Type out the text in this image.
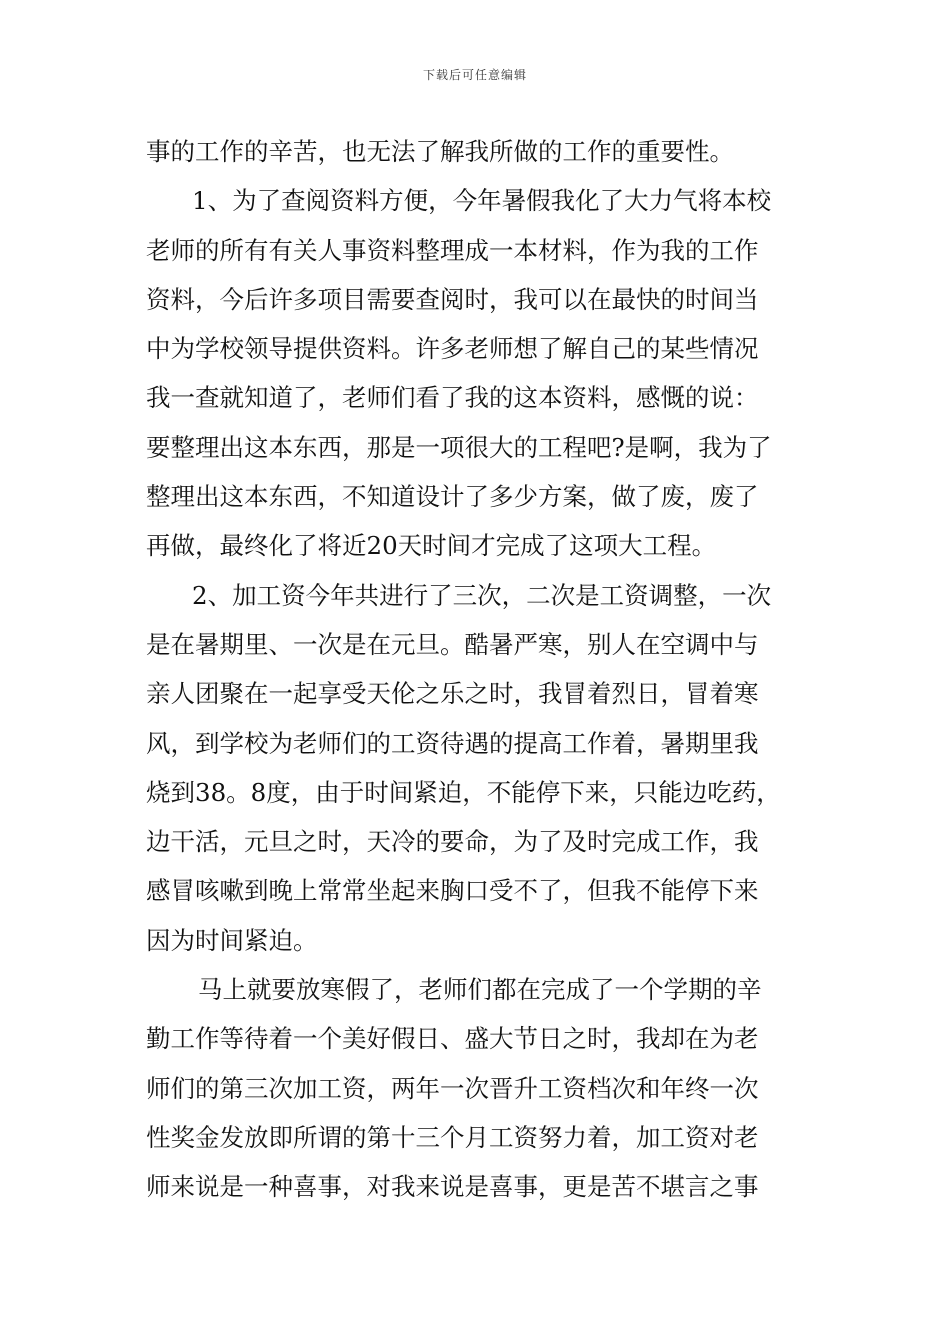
下载后可任意编辑
事的工作的辛苦，也无法了解我所做的工作的重要性。
1、为了查阅资料方便，今年暑假我化了大力气将本校
老师的所有有关人事资料整理成一本材料，作为我的工作
资料，今后许多项目需要查阅时，我可以在最快的时间当
中为学校领导提供资料。许多老师想了解自己的某些情况
我一查就知道了，老师们看了我的这本资料，感慨的说：
要整理出这本东西，那是一项很大的工程吧?是啊，我为了
整理出这本东西，不知道设计了多少方案，做了废，废了
再做，最终化了将近20天时间才完成了这项大工程。
2、加工资今年共进行了三次，二次是工资调整，一次
是在暑期里、一次是在元旦。酷暑严寒，别人在空调中与
亲人团聚在一起享受天伦之乐之时，我冒着烈日，冒着寒
风，到学校为老师们的工资待遇的提高工作着，暑期里我
烧到38。8度，由于时间紧迫，不能停下来，只能边吃药，
边干活，元旦之时，天冷的要命，为了及时完成工作，我
感冒咳嗽到晚上常常坐起来胸口受不了，但我不能停下来
因为时间紧迫。
马上就要放寒假了，老师们都在完成了一个学期的辛
勤工作等待着一个美好假日、盛大节日之时，我却在为老
师们的第三次加工资，两年一次晋升工资档次和年终一次
性奖金发放即所谓的第十三个月工资努力着，加工资对老
师来说是一种喜事，对我来说是喜事，更是苦不堪言之事
